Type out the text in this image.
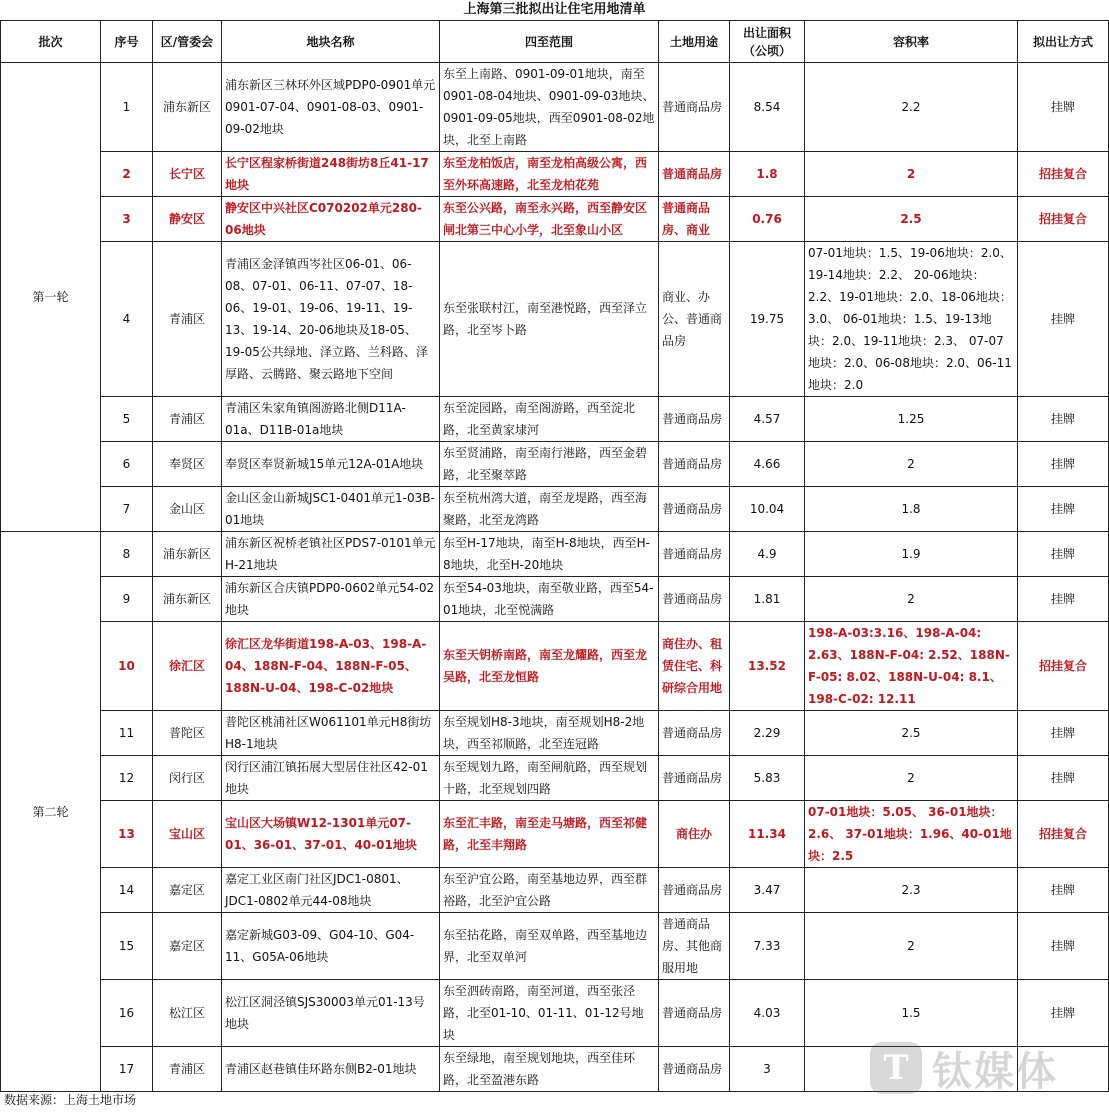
上海第三批拟出让住宅用地清单
批次	序号	区/管委会	地块名称	四至范围	土地用途	出让面积（公顷）	容积率	拟出让方式
第一轮	1	浦东新区	浦东新区三林环外区域PDP0-0901单元0901-07-04、0901-08-03、0901-09-02地块	东至上南路、0901-09-01地块，南至0901-08-04地块、0901-09-03地块、0901-09-05地块，西至0901-08-02地块，北至上南路	普通商品房	8.54	2.2	挂牌
	2	长宁区	长宁区程家桥街道248街坊8丘41-17地块	东至龙柏饭店，南至龙柏高级公寓，西至外环高速路，北至龙柏花苑	普通商品房	1.8	2	招挂复合
	3	静安区	静安区中兴社区C070202单元280-06地块	东至公兴路，南至永兴路，西至静安区闸北第三中心小学，北至象山小区	普通商品房、商业	0.76	2.5	招挂复合
	4	青浦区	青浦区金泽镇西岑社区06-01、06-08、07-01、06-11、07-07、18-06、19-01、19-06、19-11、19-13、19-14、20-06地块及18-05、19-05公共绿地、泽立路、兰科路、泽厚路、云腾路、聚云路地下空间	东至张联村江，南至港悦路，西至泽立路，北至岑卜路	商业、办公、普通商品房	19.75	07-01地块：1.5、19-06地块：2.0、19-14地块：2.2、 20-06地块：2.2、19-01地块：2.0、18-06地块：3.0、 06-01地块：1.5、19-13地块：2.0、19-11地块：2.3、 07-07地块：2.0、06-08地块：2.0、06-11地块：2.0	挂牌
	5	青浦区	青浦区朱家角镇阁游路北侧D11A-01a、D11B-01a地块	东至淀园路，南至阁游路，西至淀北路，北至黄家埭河	普通商品房	4.57	1.25	挂牌
	6	奉贤区	奉贤区奉贤新城15单元12A-01A地块	东至贤浦路，南至南行港路，西至金碧路，北至聚萃路	普通商品房	4.66	2	挂牌
	7	金山区	金山区金山新城JSC1-0401单元1-03B-01地块	东至杭州湾大道，南至龙堤路，西至海聚路，北至龙湾路	普通商品房	10.04	1.8	挂牌
第二轮	8	浦东新区	浦东新区祝桥老镇社区PDS7-0101单元H-21地块	东至H-17地块，南至H-8地块，西至H-8地块，北至H-20地块	普通商品房	4.9	1.9	挂牌
	9	浦东新区	浦东新区合庆镇PDP0-0602单元54-02地块	东至54-03地块，南至敬业路，西至54-01地块，北至悦满路	普通商品房	1.81	2	挂牌
	10	徐汇区	徐汇区龙华街道198-A-03、198-A-04、188N-F-04、188N-F-05、188N-U-04、198-C-02地块	东至天钥桥南路，南至龙耀路，西至龙吴路，北至龙恒路	商住办、租赁住宅、科研综合用地	13.52	198-A-03:3.16、198-A-04: 2.63、188N-F-04: 2.52、188N-F-05: 8.02、188N-U-04: 8.1、198-C-02: 12.11	招挂复合
	11	普陀区	普陀区桃浦社区W061101单元H8街坊H8-1地块	东至规划H8-3地块，南至规划H8-2地块，西至祁顺路，北至连冠路	普通商品房	2.29	2.5	挂牌
	12	闵行区	闵行区浦江镇拓展大型居住社区42-01地块	东至规划九路，南至闸航路，西至规划十路，北至规划四路	普通商品房	5.83	2	挂牌
	13	宝山区	宝山区大场镇W12-1301单元07-01、36-01、37-01、40-01地块	东至汇丰路，南至走马塘路，西至祁健路，北至丰翔路	商住办	11.34	07-01地块：5.05、 36-01地块：2.6、 37-01地块：1.96、40-01地块：2.5	招挂复合
	14	嘉定区	嘉定工业区南门社区JDC1-0801、JDC1-0802单元44-08地块	东至沪宜公路，南至基地边界，西至群裕路，北至沪宜公路	普通商品房	3.47	2.3	挂牌
	15	嘉定区	嘉定新城G03-09、G04-10、G04-11、G05A-06地块	东至拈花路，南至双单路，西至基地边界，北至双单河	普通商品房、其他商服用地	7.33	2	挂牌
	16	松江区	松江区洞泾镇SJS30003单元01-13号地块	东至泗砖南路，南至河道，西至张泾路，北至01-10、01-11、01-12号地块	普通商品房	4.03	1.5	挂牌
	17	青浦区	青浦区赵巷镇佳环路东侧B2-01地块	东至绿地，南至规划地块，西至佳环路，北至盈港东路	普通商品房	3		
数据来源：上海土地市场
T 钛媒体
